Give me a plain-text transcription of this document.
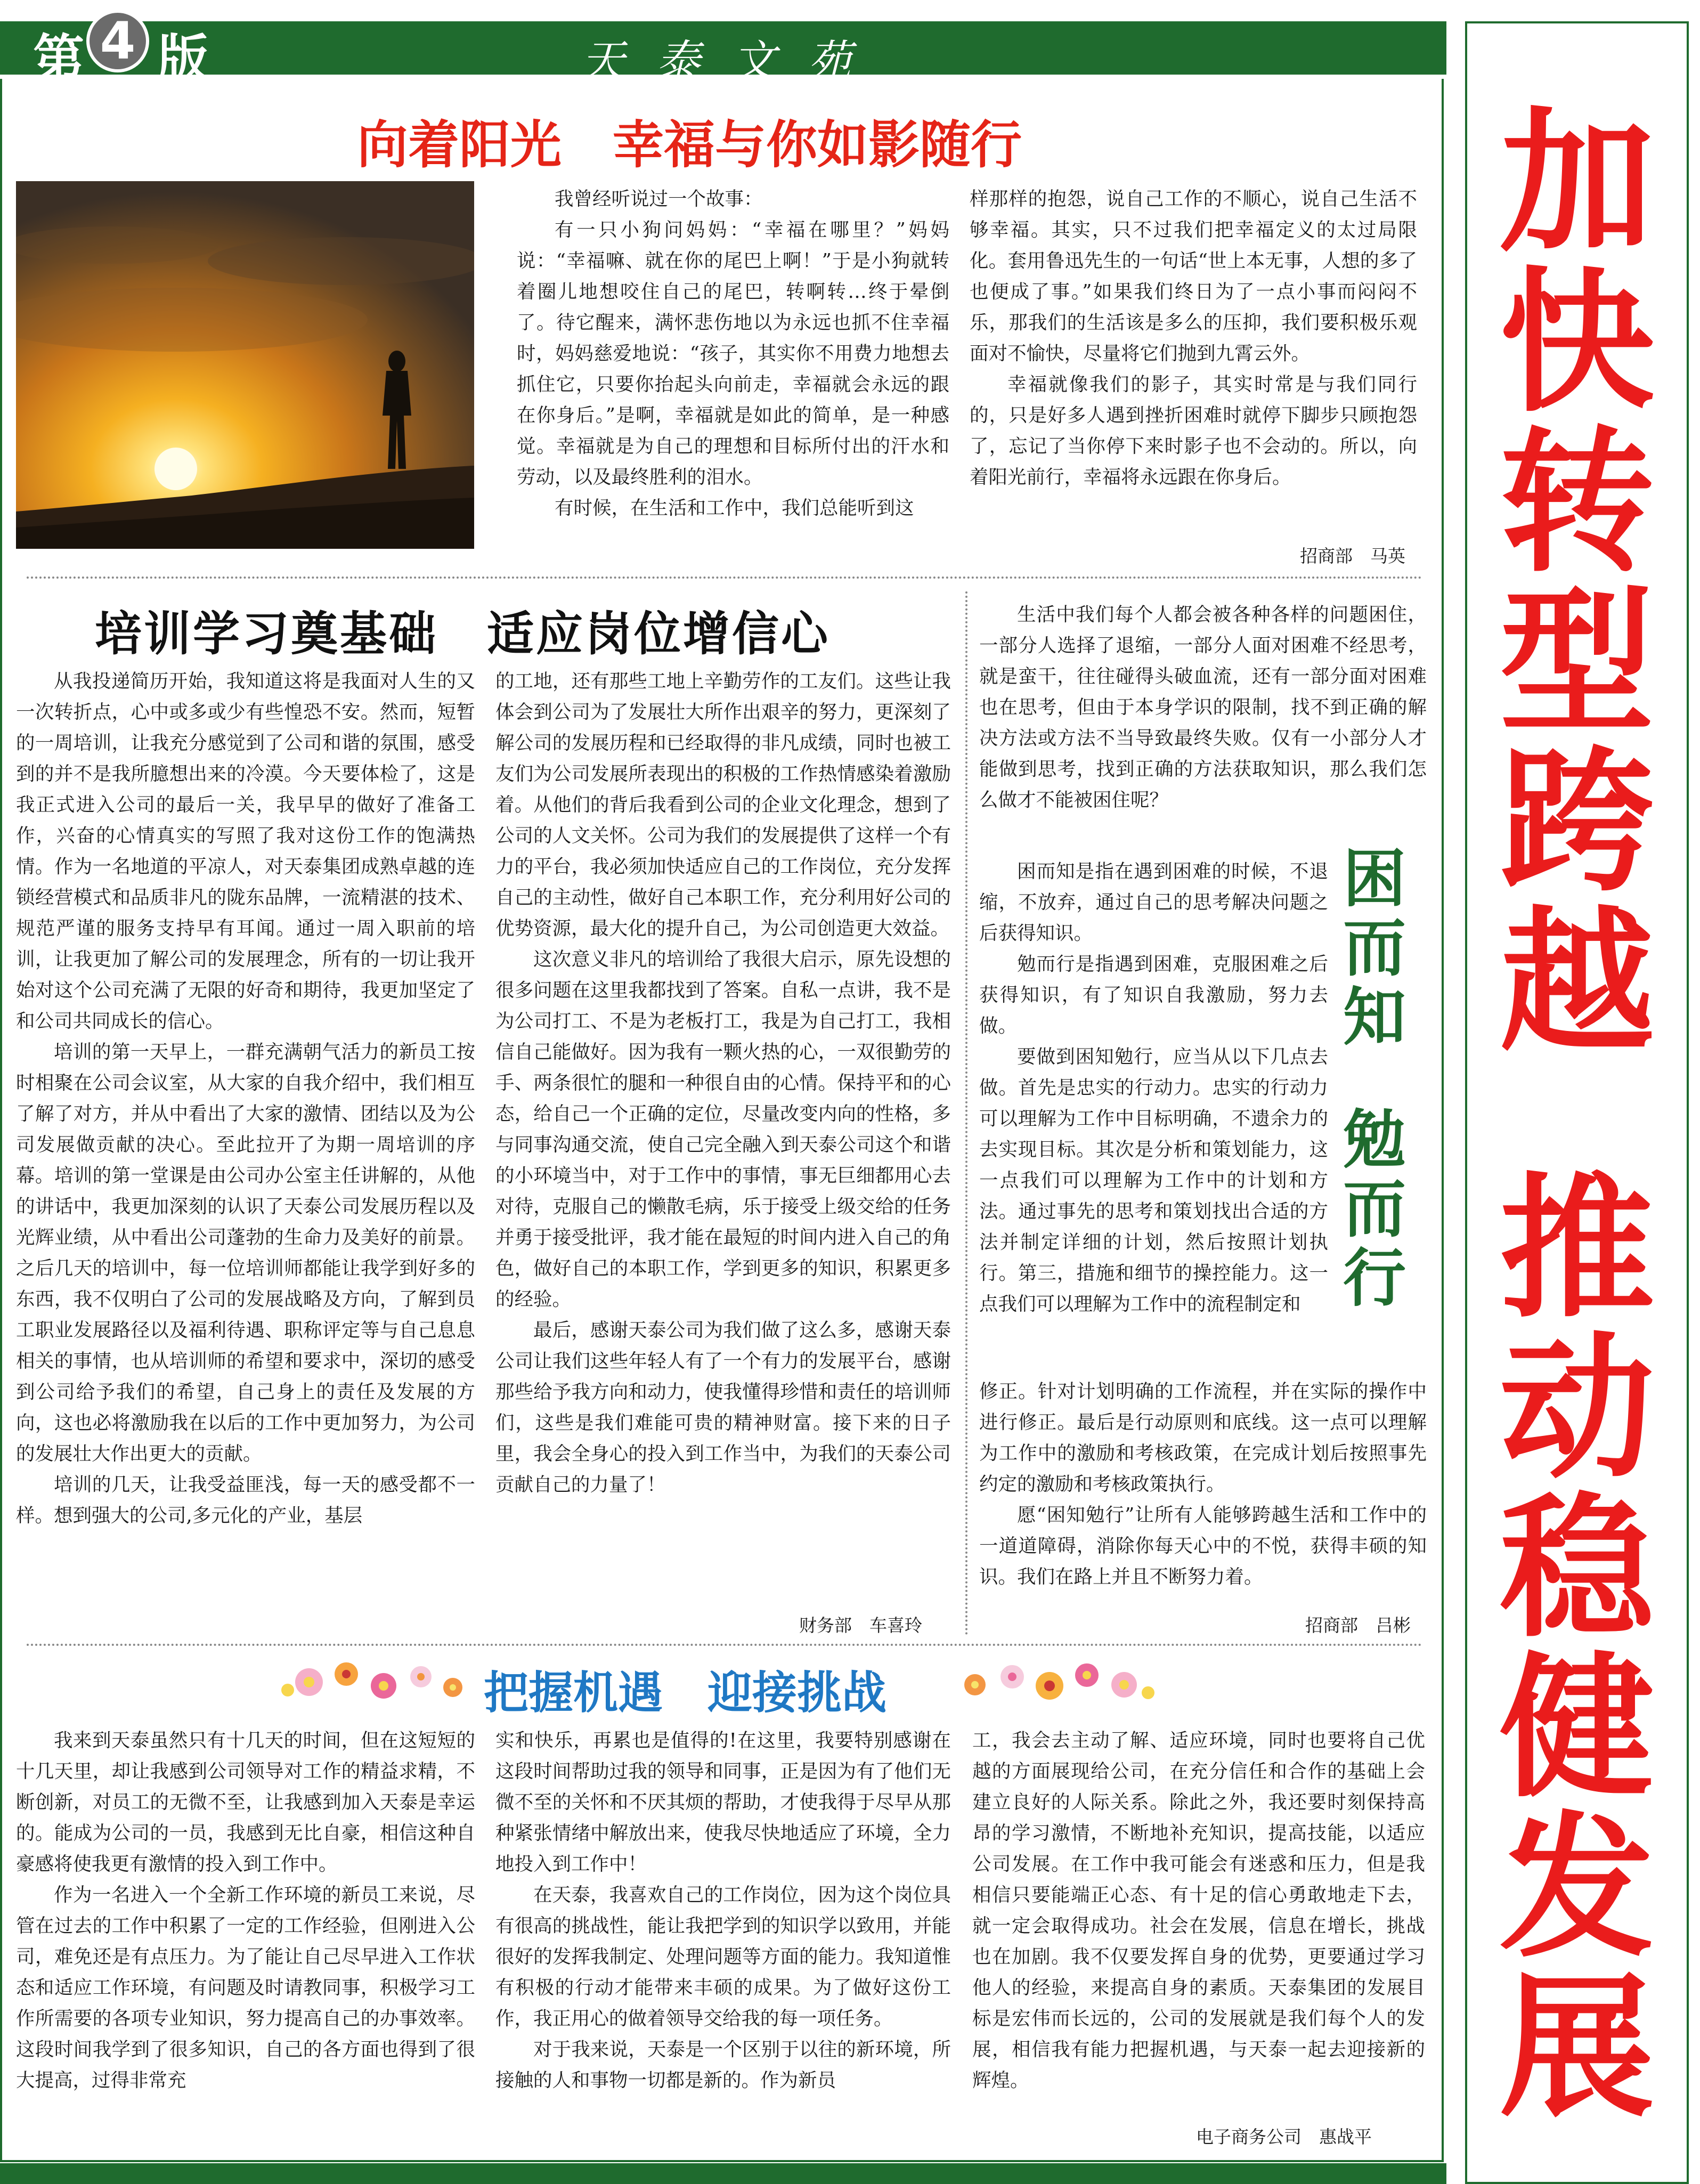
第 4 版	天泰文苑
加
快
转
型
跨
越
推
动
稳
健
发
展
向着阳光　幸福与你如影随行

我曾经听说过一个故事：

有一只小狗问妈妈：“幸福在哪里？”妈妈说：“幸福嘛、就在你的尾巴上啊！”于是小狗就转着圈儿地想咬住自己的尾巴，转啊转…终于晕倒了。待它醒来，满怀悲伤地以为永远也抓不住幸福时，妈妈慈爱地说：“孩子，其实你不用费力地想去抓住它，只要你抬起头向前走，幸福就会永远的跟在你身后。”是啊，幸福就是如此的简单，是一种感觉。幸福就是为自己的理想和目标所付出的汗水和劳动，以及最终胜利的泪水。

有时候，在生活和工作中，我们总能听到这

样那样的抱怨，说自己工作的不顺心，说自己生活不够幸福。其实，只不过我们把幸福定义的太过局限化。套用鲁迅先生的一句话“世上本无事，人想的多了也便成了事。”如果我们终日为了一点小事而闷闷不乐，那我们的生活该是多么的压抑，我们要积极乐观面对不愉快，尽量将它们抛到九霄云外。

幸福就像我们的影子，其实时常是与我们同行的，只是好多人遇到挫折困难时就停下脚步只顾抱怨了，忘记了当你停下来时影子也不会动的。所以，向着阳光前行，幸福将永远跟在你身后。

招商部　马英
培训学习奠基础　适应岗位增信心

从我投递简历开始，我知道这将是我面对人生的又一次转折点，心中或多或少有些惶恐不安。然而，短暂的一周培训，让我充分感觉到了公司和谐的氛围，感受到的并不是我所臆想出来的冷漠。今天要体检了，这是我正式进入公司的最后一关，我早早的做好了准备工作，兴奋的心情真实的写照了我对这份工作的饱满热情。作为一名地道的平凉人，对天泰集团成熟卓越的连锁经营模式和品质非凡的陇东品牌，一流精湛的技术、规范严谨的服务支持早有耳闻。通过一周入职前的培训，让我更加了解公司的发展理念，所有的一切让我开始对这个公司充满了无限的好奇和期待，我更加坚定了和公司共同成长的信心。

培训的第一天早上，一群充满朝气活力的新员工按时相聚在公司会议室，从大家的自我介绍中，我们相互了解了对方，并从中看出了大家的激情、团结以及为公司发展做贡献的决心。至此拉开了为期一周培训的序幕。培训的第一堂课是由公司办公室主任讲解的，从他的讲话中，我更加深刻的认识了天泰公司发展历程以及光辉业绩，从中看出公司蓬勃的生命力及美好的前景。之后几天的培训中，每一位培训师都能让我学到好多的东西，我不仅明白了公司的发展战略及方向，了解到员工职业发展路径以及福利待遇、职称评定等与自己息息相关的事情，也从培训师的希望和要求中，深切的感受到公司给予我们的希望，自己身上的责任及发展的方向，这也必将激励我在以后的工作中更加努力，为公司的发展壮大作出更大的贡献。

培训的几天，让我受益匪浅，每一天的感受都不一样。想到强大的公司,多元化的产业，基层

的工地，还有那些工地上辛勤劳作的工友们。这些让我体会到公司为了发展壮大所作出艰辛的努力，更深刻了解公司的发展历程和已经取得的非凡成绩，同时也被工友们为公司发展所表现出的积极的工作热情感染着激励着。从他们的背后我看到公司的企业文化理念，想到了公司的人文关怀。公司为我们的发展提供了这样一个有力的平台，我必须加快适应自己的工作岗位，充分发挥自己的主动性，做好自己本职工作，充分利用好公司的优势资源，最大化的提升自己，为公司创造更大效益。

这次意义非凡的培训给了我很大启示，原先设想的很多问题在这里我都找到了答案。自私一点讲，我不是为公司打工、不是为老板打工，我是为自己打工，我相信自己能做好。因为我有一颗火热的心，一双很勤劳的手、两条很忙的腿和一种很自由的心情。保持平和的心态，给自己一个正确的定位，尽量改变内向的性格，多与同事沟通交流，使自己完全融入到天泰公司这个和谐的小环境当中，对于工作中的事情，事无巨细都用心去对待，克服自己的懒散毛病，乐于接受上级交给的任务并勇于接受批评，我才能在最短的时间内进入自己的角色，做好自己的本职工作，学到更多的知识，积累更多的经验。

最后，感谢天泰公司为我们做了这么多，感谢天泰公司让我们这些年轻人有了一个有力的发展平台，感谢那些给予我方向和动力，使我懂得珍惜和责任的培训师们，这些是我们难能可贵的精神财富。接下来的日子里，我会全身心的投入到工作当中，为我们的天泰公司贡献自己的力量了！

财务部　车喜玲

生活中我们每个人都会被各种各样的问题困住，一部分人选择了退缩，一部分人面对困难不经思考，就是蛮干，往往碰得头破血流，还有一部分面对困难也在思考，但由于本身学识的限制，找不到正确的解决方法或方法不当导致最终失败。仅有一小部分人才能做到思考，找到正确的方法获取知识，那么我们怎么做才不能被困住呢？

困而知是指在遇到困难的时候，不退缩，不放弃，通过自己的思考解决问题之后获得知识。

勉而行是指遇到困难，克服困难之后获得知识，有了知识自我激励，努力去做。

要做到困知勉行，应当从以下几点去做。首先是忠实的行动力。忠实的行动力可以理解为工作中目标明确，不遗余力的去实现目标。其次是分析和策划能力，这一点我们可以理解为工作中的计划和方法。通过事先的思考和策划找出合适的方法并制定详细的计划，然后按照计划执行。第三，措施和细节的操控能力。这一点我们可以理解为工作中的流程制定和

困
而
知
勉
而
行

修正。针对计划明确的工作流程，并在实际的操作中进行修正。最后是行动原则和底线。这一点可以理解为工作中的激励和考核政策，在完成计划后按照事先约定的激励和考核政策执行。

愿“困知勉行”让所有人能够跨越生活和工作中的一道道障碍，消除你每天心中的不悦，获得丰硕的知识。我们在路上并且不断努力着。

招商部　吕彬
把握机遇　迎接挑战

我来到天泰虽然只有十几天的时间，但在这短短的十几天里，却让我感到公司领导对工作的精益求精，不断创新，对员工的无微不至，让我感到加入天泰是幸运的。能成为公司的一员，我感到无比自豪，相信这种自豪感将使我更有激情的投入到工作中。

作为一名进入一个全新工作环境的新员工来说，尽管在过去的工作中积累了一定的工作经验，但刚进入公司，难免还是有点压力。为了能让自己尽早进入工作状态和适应工作环境，有问题及时请教同事，积极学习工作所需要的各项专业知识，努力提高自己的办事效率。这段时间我学到了很多知识，自己的各方面也得到了很大提高，过得非常充

实和快乐，再累也是值得的!在这里，我要特别感谢在这段时间帮助过我的领导和同事，正是因为有了他们无微不至的关怀和不厌其烦的帮助，才使我得于尽早从那种紧张情绪中解放出来，使我尽快地适应了环境，全力地投入到工作中！

在天泰，我喜欢自己的工作岗位，因为这个岗位具有很高的挑战性，能让我把学到的知识学以致用，并能很好的发挥我制定、处理问题等方面的能力。我知道惟有积极的行动才能带来丰硕的成果。为了做好这份工作，我正用心的做着领导交给我的每一项任务。

对于我来说，天泰是一个区别于以往的新环境，所接触的人和事物一切都是新的。作为新员

工，我会去主动了解、适应环境，同时也要将自己优越的方面展现给公司，在充分信任和合作的基础上会建立良好的人际关系。除此之外，我还要时刻保持高昂的学习激情，不断地补充知识，提高技能，以适应公司发展。在工作中我可能会有迷惑和压力，但是我相信只要能端正心态、有十足的信心勇敢地走下去，就一定会取得成功。社会在发展，信息在增长，挑战也在加剧。我不仅要发挥自身的优势，更要通过学习他人的经验，来提高自身的素质。天泰集团的发展目标是宏伟而长远的，公司的发展就是我们每个人的发展，相信我有能力把握机遇，与天泰一起去迎接新的辉煌。

电子商务公司　惠战平
